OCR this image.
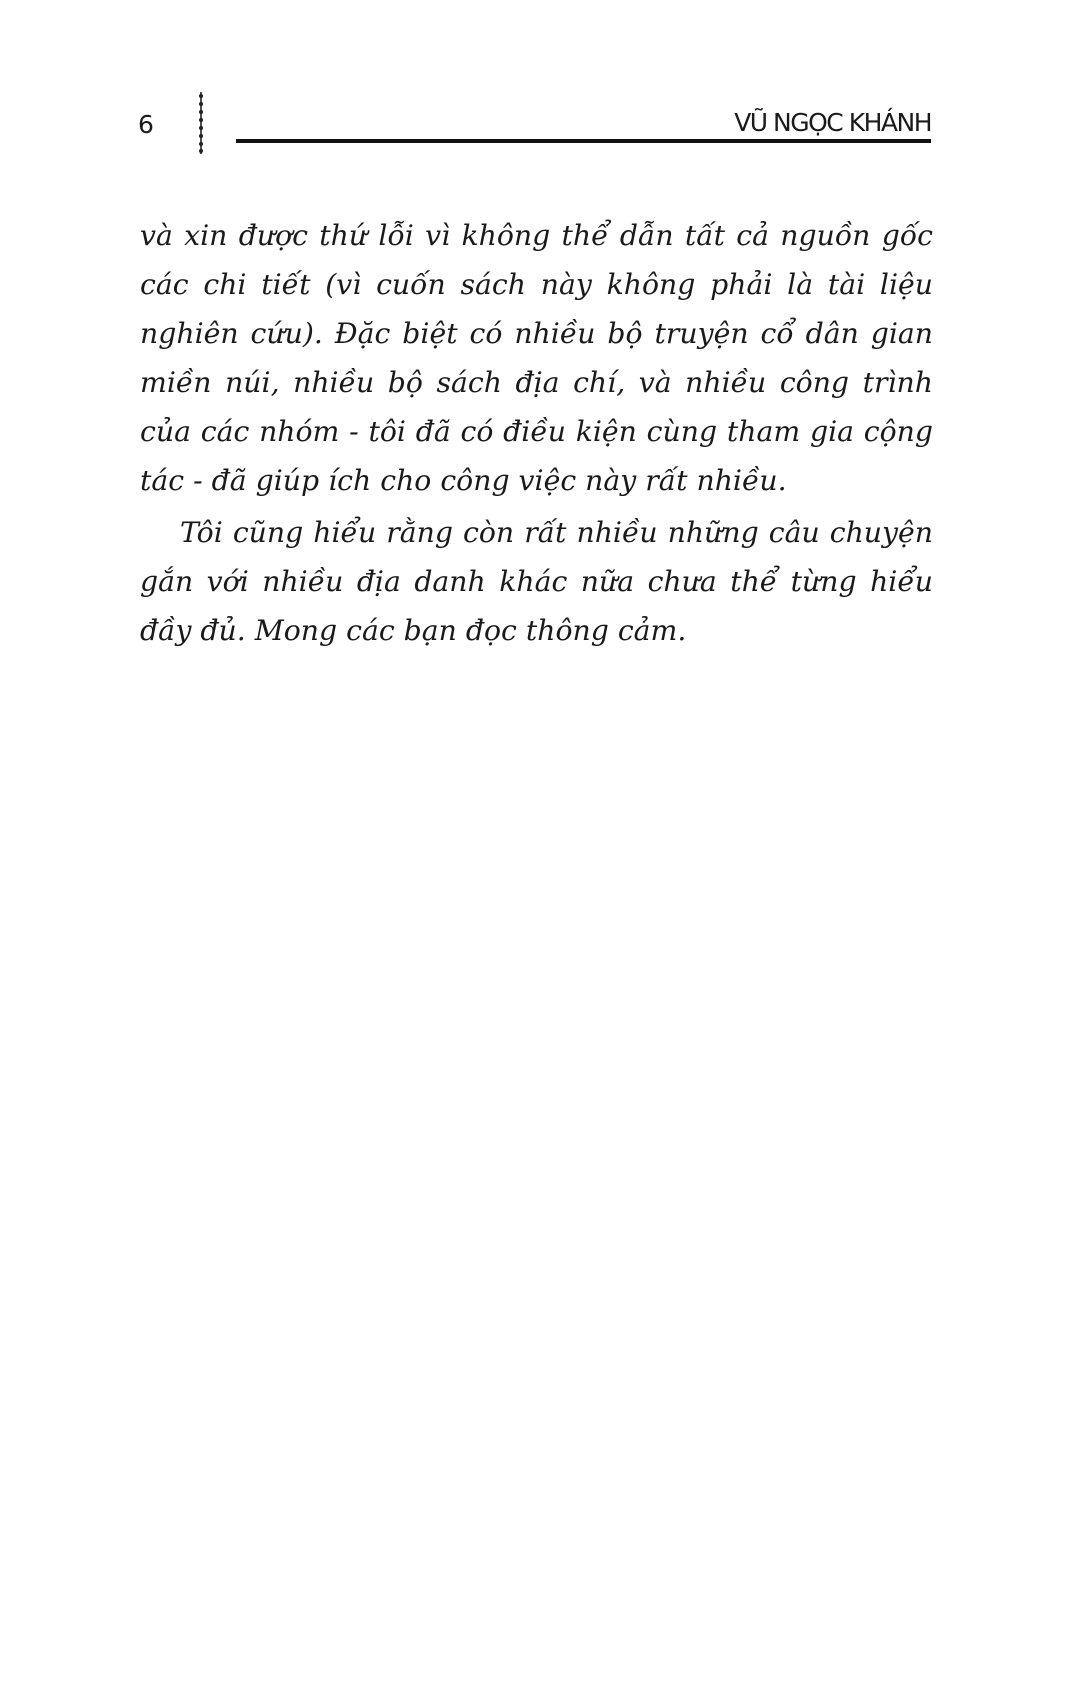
6	VŨ NGỌC KHÁNH

và xin được thứ lỗi vì không thể dẫn tất cả nguồn gốc các chi tiết (vì cuốn sách này không phải là tài liệu nghiên cứu). Đặc biệt có nhiều bộ truyện cổ dân gian miền núi, nhiều bộ sách địa chí, và nhiều công trình của các nhóm - tôi đã có điều kiện cùng tham gia cộng tác - đã giúp ích cho công việc này rất nhiều.

Tôi cũng hiểu rằng còn rất nhiều những câu chuyện gắn với nhiều địa danh khác nữa chưa thể từng hiểu đầy đủ. Mong các bạn đọc thông cảm.
